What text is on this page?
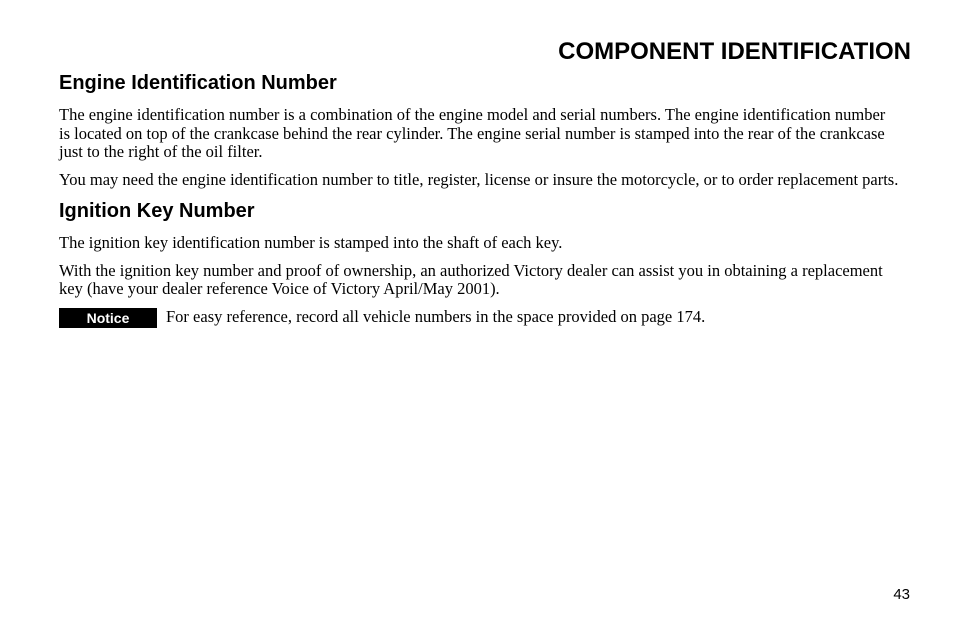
COMPONENT IDENTIFICATION
Engine Identification Number

The engine identification number is a combination of the engine model and serial numbers. The engine identification number is located on top of the crankcase behind the rear cylinder. The engine serial number is stamped into the rear of the crankcase just to the right of the oil filter.

You may need the engine identification number to title, register, license or insure the motorcycle, or to order replacement parts.

Ignition Key Number

The ignition key identification number is stamped into the shaft of each key.

With the ignition key number and proof of ownership, an authorized Victory dealer can assist you in obtaining a replacement key (have your dealer reference Voice of Victory April/May 2001).

Notice	For easy reference, record all vehicle numbers in the space provided on page 174.
43
